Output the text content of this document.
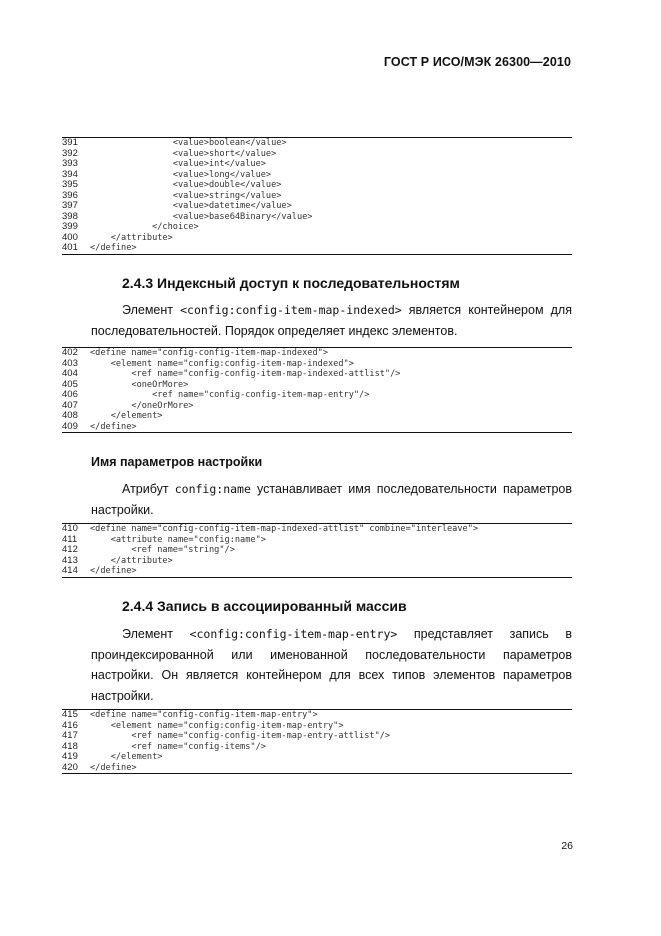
ГОСТ Р ИСО/МЭК 26300—2010
391                $^{<value>boolean</value>}$
392                $^{<value>short</value>}$
393                $^{<value>int</value>}$
394                $^{<value>long</value>}$
395                $^{<value>double</value>}$
396                $^{<value>string</value>}$
397                $^{<value>datetime</value>}$
398                $^{<value>base64Binary</value>}$
399            $^{</choice>}$
400    $^{</attribute>}$
401 $^{</define>}$
2.4.3 Индексный доступ к последовательностям
Элемент <config:config-item-map-indexed> является контейнером для
последовательностей. Порядок определяет индекс элементов.
402 $^{<define name="config-config-item-map-indexed">}$
403    $^{<element name="config:config-item-map-indexed">}$
404        $^{<ref name="config-config-item-map-indexed-attlist"/>}$
405        $^{<oneOrMore>}$
406            $^{<ref name="config-config-item-map-entry"/>}$
407        $^{</oneOrMore>}$
408    $^{</element>}$
409 $^{</define>}$
Имя параметров настройки
Атрибут config:name устанавливает имя последовательности параметров
настройки.
410 $^{<define name="config-config-item-map-indexed-attlist" combine="interleave">}$
411    $^{<attribute name="config:name">}$
412        $^{<ref name="string"/>}$
413    $^{</attribute>}$
414 $^{</define>}$
2.4.4 Запись в ассоциированный массив
Элемент <config:config-item-map-entry> представляет запись в
проиндексированной или именованной последовательности параметров
настройки. Он является контейнером для всех типов элементов параметров
настройки.
415 $^{<define name="config-config-item-map-entry">}$
416    $^{<element name="config:config-item-map-entry">}$
417        $^{<ref name="config-config-item-map-entry-attlist"/>}$
418        $^{<ref name="config-items"/>}$
419    $^{</element>}$
420 $^{</define>}$
26
